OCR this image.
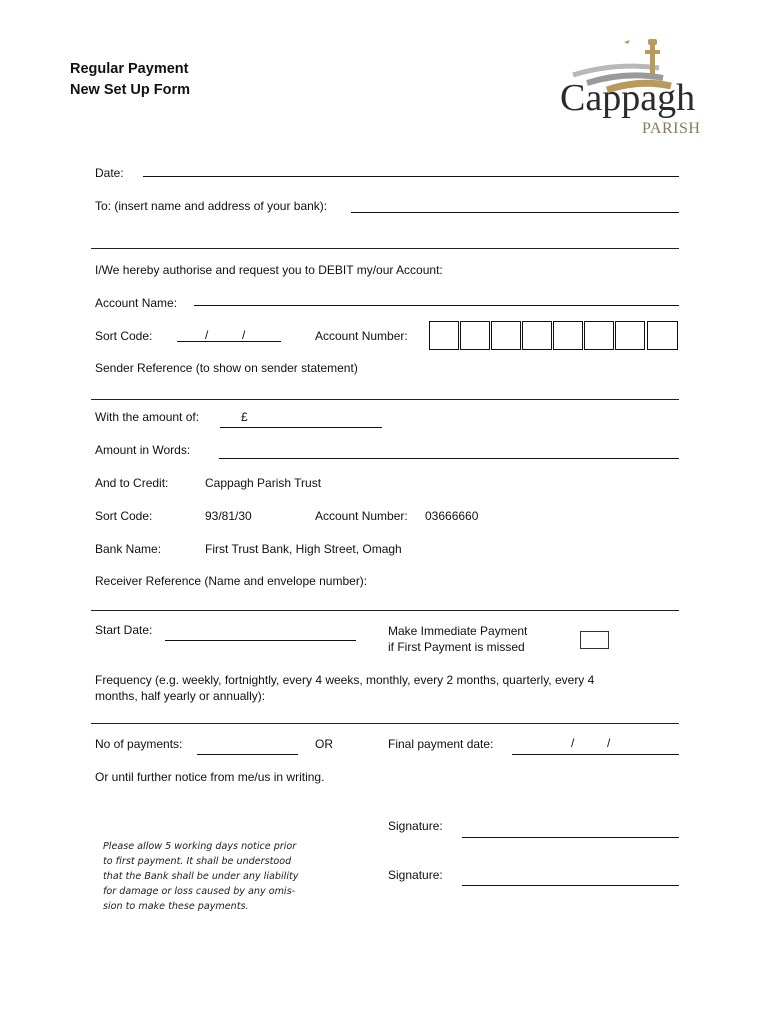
Regular Payment
New Set Up Form	Cappagh
PARISH
Date:
To: (insert name and address of your bank):
I/We hereby authorise and request you to DEBIT my/our Account:
Account Name:
Sort Code:	/	/	Account Number:
Sender Reference (to show on sender statement)
With the amount of:	£
Amount in Words:
And to Credit:	Cappagh Parish Trust
Sort Code:	93/81/30	Account Number: 03666660
Bank Name:	First Trust Bank, High Street, Omagh
Receiver Reference (Name and envelope number):
Start Date:	Make Immediate Payment
if First Payment is missed
Frequency (e.g. weekly, fortnightly, every 4 weeks, monthly, every 2 months, quarterly, every 4
months, half yearly or annually):
No of payments:	OR	Final payment date:	/	/
Or until further notice from me/us in writing.
Signature:
Signature:
Please allow 5 working days notice prior
to first payment. It shall be understood
that the Bank shall be under any liability
for damage or loss caused by any omis-
sion to make these payments.
